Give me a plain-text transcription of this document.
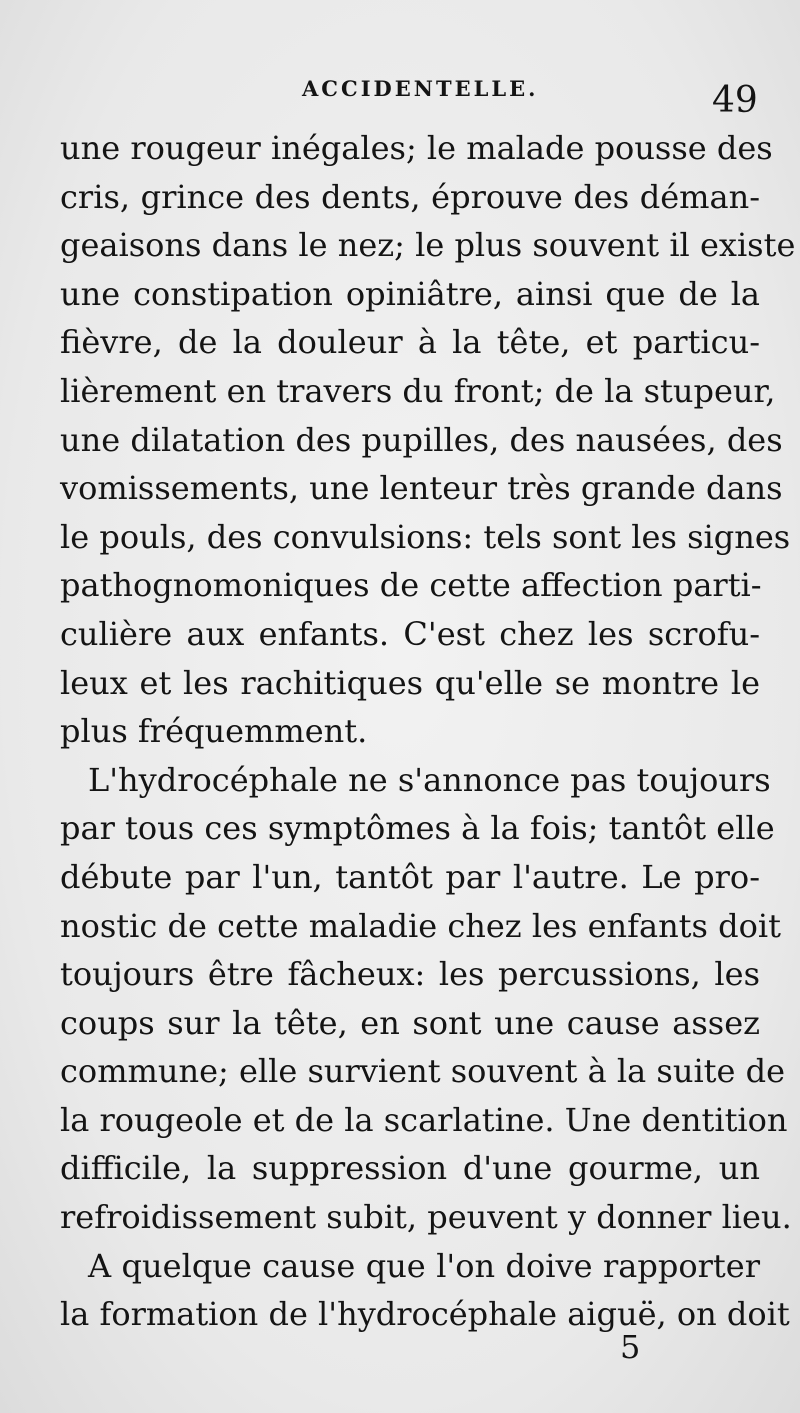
ACCIDENTELLE.	49
une rougeur inégales; le malade pousse des
cris, grince des dents, éprouve des déman-
geaisons dans le nez; le plus souvent il existe
une constipation opiniâtre, ainsi que de la
fièvre, de la douleur à la tête, et particu-
lièrement en travers du front; de la stupeur,
une dilatation des pupilles, des nausées, des
vomissements, une lenteur très grande dans
le pouls, des convulsions: tels sont les signes
pathognomoniques de cette affection parti-
culière aux enfants. C'est chez les scrofu-
leux et les rachitiques qu'elle se montre le
plus fréquemment.
L'hydrocéphale ne s'annonce pas toujours
par tous ces symptômes à la fois; tantôt elle
débute par l'un, tantôt par l'autre. Le pro-
nostic de cette maladie chez les enfants doit
toujours être fâcheux: les percussions, les
coups sur la tête, en sont une cause assez
commune; elle survient souvent à la suite de
la rougeole et de la scarlatine. Une dentition
difficile, la suppression d'une gourme, un
refroidissement subit, peuvent y donner lieu.
A quelque cause que l'on doive rapporter
la formation de l'hydrocéphale aiguë, on doit
5
